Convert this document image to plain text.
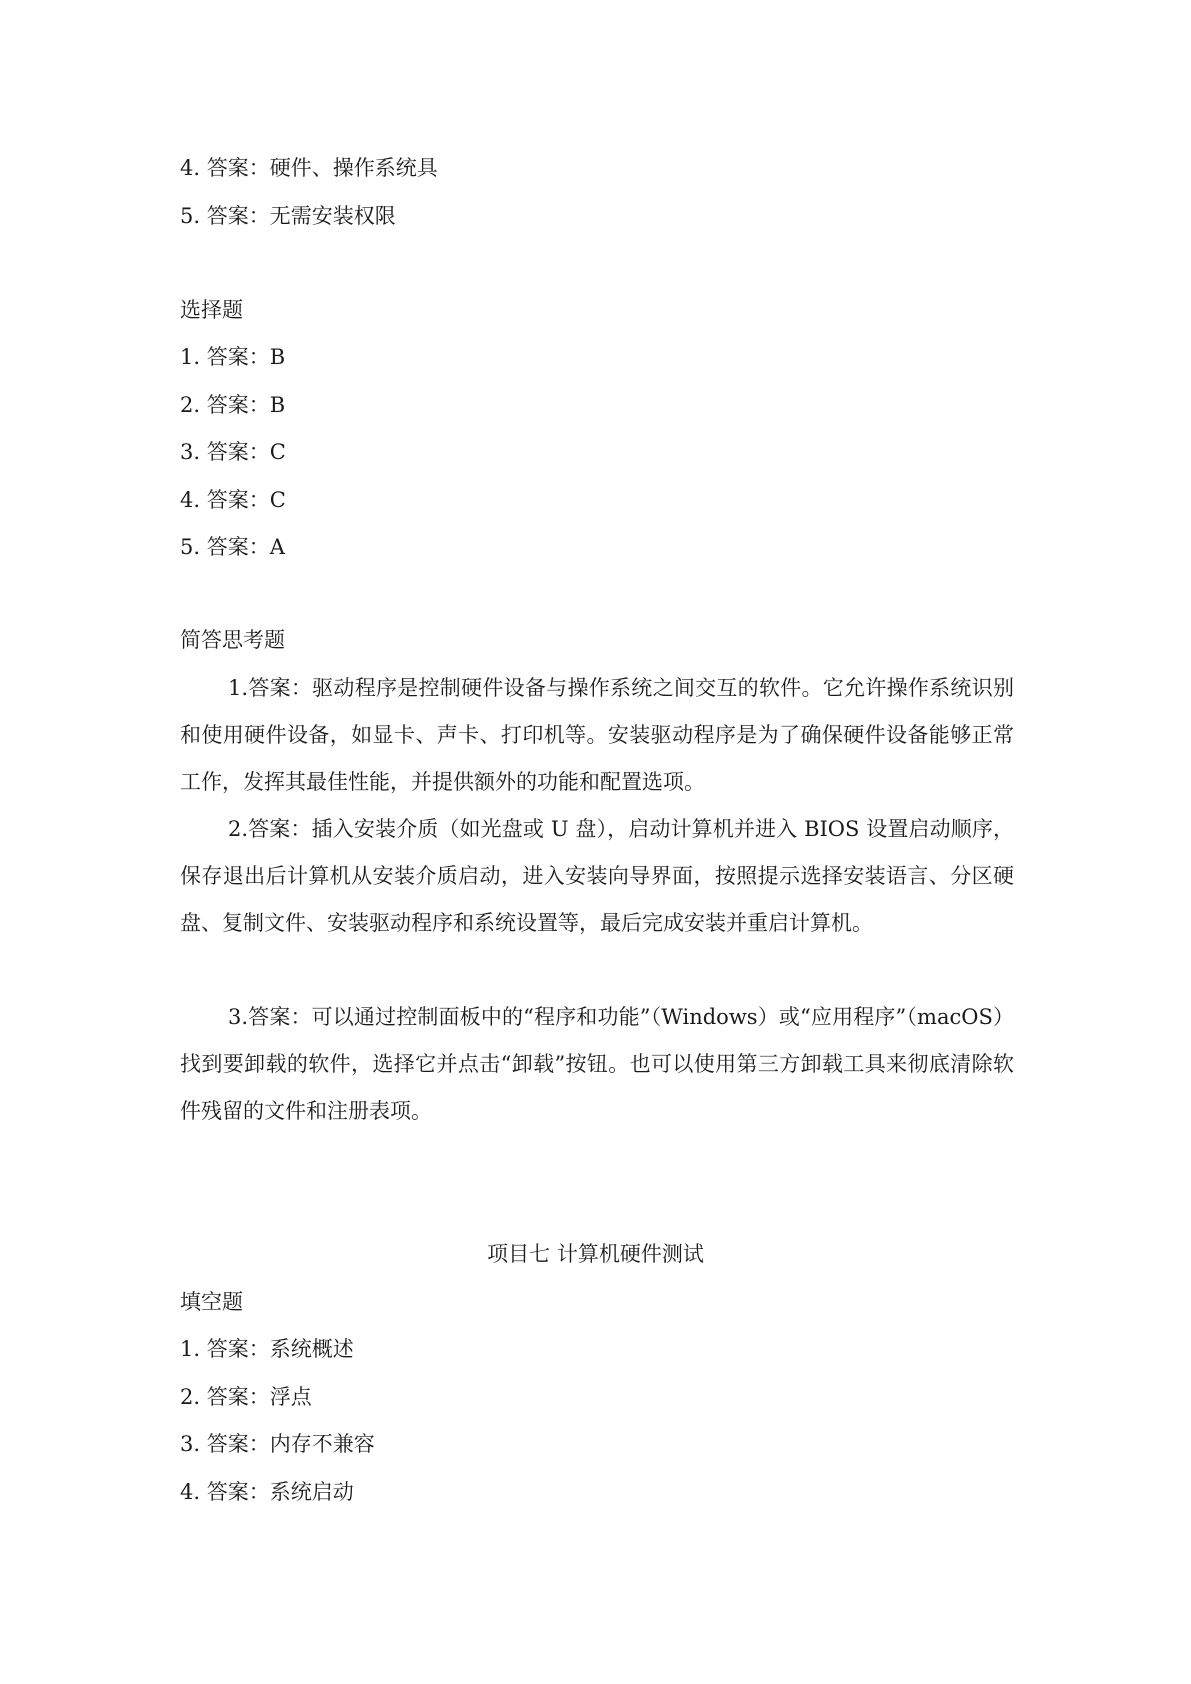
4. 答案：硬件、操作系统具
5. 答案：无需安装权限
选择题
1. 答案：B
2. 答案：B
3. 答案：C
4. 答案：C
5. 答案：A
简答思考题
1.答案：驱动程序是控制硬件设备与操作系统之间交互的软件。它允许操作系统识别和使用硬件设备，如显卡、声卡、打印机等。安装驱动程序是为了确保硬件设备能够正常工作，发挥其最佳性能，并提供额外的功能和配置选项。
2.答案：插入安装介质（如光盘或 U 盘），启动计算机并进入 BIOS 设置启动顺序，保存退出后计算机从安装介质启动，进入安装向导界面，按照提示选择安装语言、分区硬盘、复制文件、安装驱动程序和系统设置等，最后完成安装并重启计算机。
3.答案：可以通过控制面板中的“程序和功能”（Windows）或“应用程序”（macOS）找到要卸载的软件，选择它并点击“卸载”按钮。也可以使用第三方卸载工具来彻底清除软件残留的文件和注册表项。
项目七 计算机硬件测试
填空题
1. 答案：系统概述
2. 答案：浮点
3. 答案：内存不兼容
4. 答案：系统启动
